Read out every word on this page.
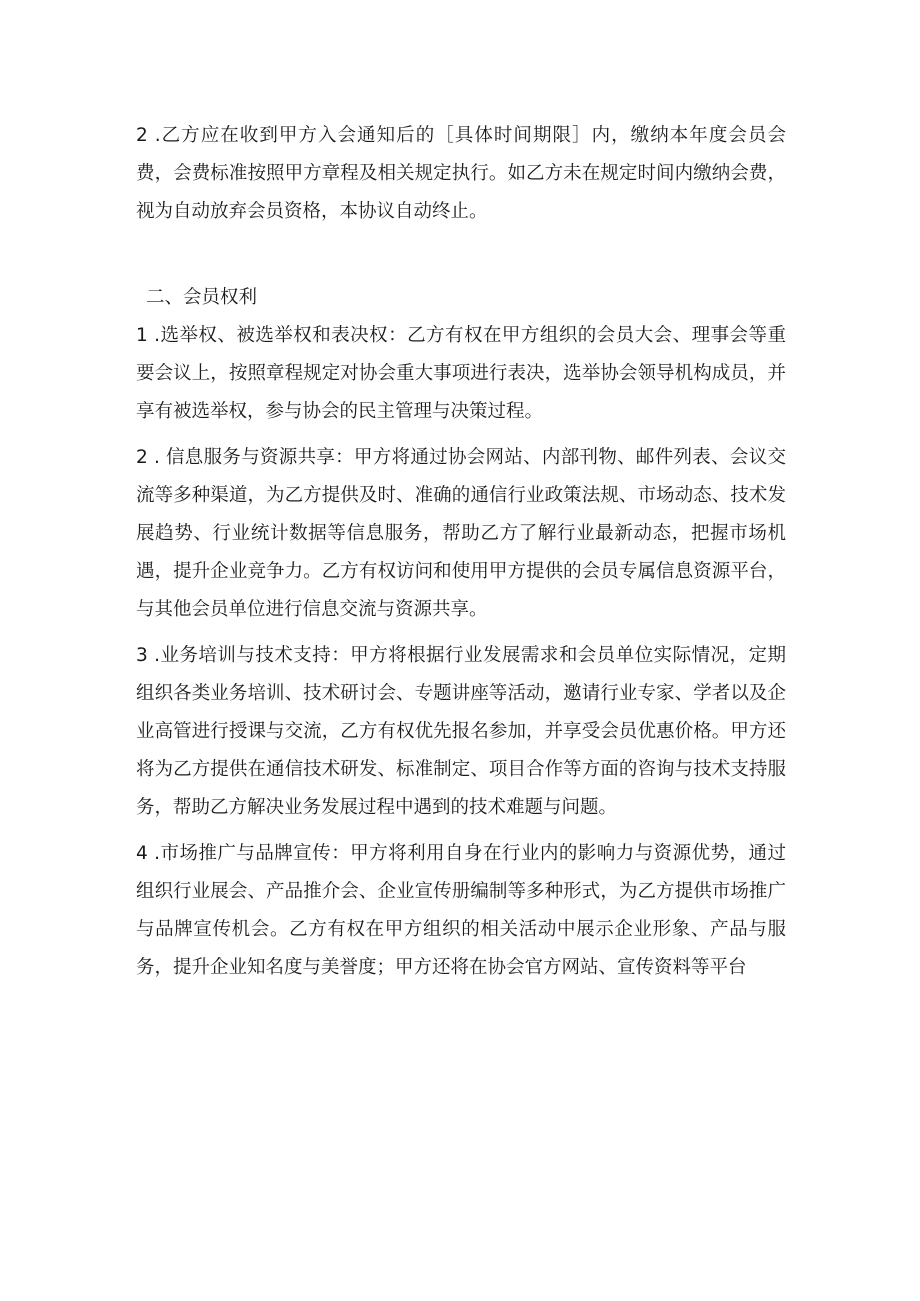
2 .乙方应在收到甲方入会通知后的［具体时间期限］内，缴纳本年度会员会费，会费标准按照甲方章程及相关规定执行。如乙方未在规定时间内缴纳会费，视为自动放弃会员资格，本协议自动终止。

二、会员权利

1 .选举权、被选举权和表决权：乙方有权在甲方组织的会员大会、理事会等重要会议上，按照章程规定对协会重大事项进行表决，选举协会领导机构成员，并享有被选举权，参与协会的民主管理与决策过程。

2 . 信息服务与资源共享：甲方将通过协会网站、内部刊物、邮件列表、会议交流等多种渠道，为乙方提供及时、准确的通信行业政策法规、市场动态、技术发展趋势、行业统计数据等信息服务，帮助乙方了解行业最新动态，把握市场机遇，提升企业竞争力。乙方有权访问和使用甲方提供的会员专属信息资源平台，与其他会员单位进行信息交流与资源共享。

3 .业务培训与技术支持：甲方将根据行业发展需求和会员单位实际情况，定期组织各类业务培训、技术研讨会、专题讲座等活动，邀请行业专家、学者以及企业高管进行授课与交流，乙方有权优先报名参加，并享受会员优惠价格。甲方还将为乙方提供在通信技术研发、标准制定、项目合作等方面的咨询与技术支持服务，帮助乙方解决业务发展过程中遇到的技术难题与问题。

4 .市场推广与品牌宣传：甲方将利用自身在行业内的影响力与资源优势，通过组织行业展会、产品推介会、企业宣传册编制等多种形式，为乙方提供市场推广与品牌宣传机会。乙方有权在甲方组织的相关活动中展示企业形象、产品与服务，提升企业知名度与美誉度；甲方还将在协会官方网站、宣传资料等平台
